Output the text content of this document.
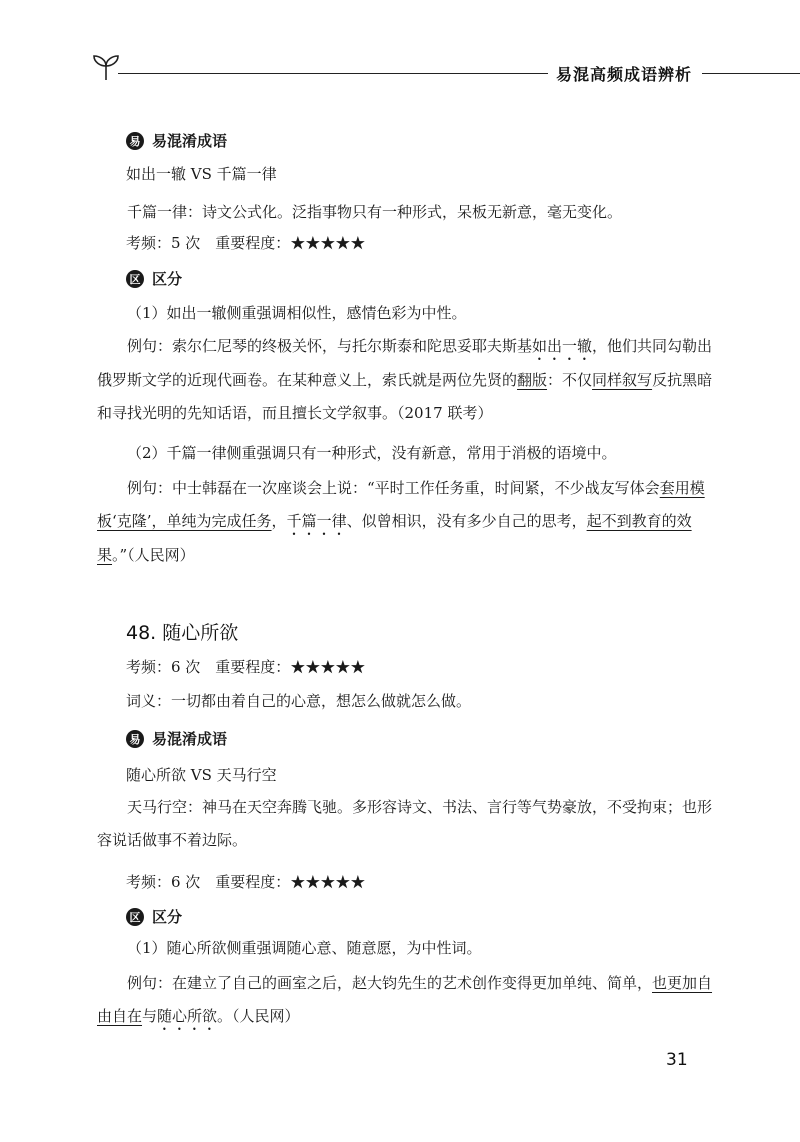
易混高频成语辨析
易 易混淆成语
如出一辙 VS 千篇一律

千篇一律：诗文公式化。泛指事物只有一种形式，呆板无新意，毫无变化。

考频：5 次　重要程度：★★★★★
区 区分

（1）如出一辙侧重强调相似性，感情色彩为中性。

例句：索尔仁尼琴的终极关怀，与托尔斯泰和陀思妥耶夫斯基如出一辙，他们共同勾勒出俄罗斯文学的近现代画卷。在某种意义上，索氏就是两位先贤的翻版：不仅同样叙写反抗黑暗和寻找光明的先知话语，而且擅长文学叙事。（2017 联考）

（2）千篇一律侧重强调只有一种形式，没有新意，常用于消极的语境中。

例句：中士韩磊在一次座谈会上说：“平时工作任务重，时间紧，不少战友写体会套用模板‘克隆’，单纯为完成任务，千篇一律、似曾相识，没有多少自己的思考，起不到教育的效果。”（人民网）

48. 随心所欲
考频：6 次　重要程度：★★★★★
词义：一切都由着自己的心意，想怎么做就怎么做。
易 易混淆成语
随心所欲 VS 天马行空

天马行空：神马在天空奔腾飞驰。多形容诗文、书法、言行等气势豪放，不受拘束；也形容说话做事不着边际。

考频：6 次　重要程度：★★★★★
区 区分

（1）随心所欲侧重强调随心意、随意愿，为中性词。

例句：在建立了自己的画室之后，赵大钧先生的艺术创作变得更加单纯、简单，也更加自由自在与随心所欲。（人民网）

31
